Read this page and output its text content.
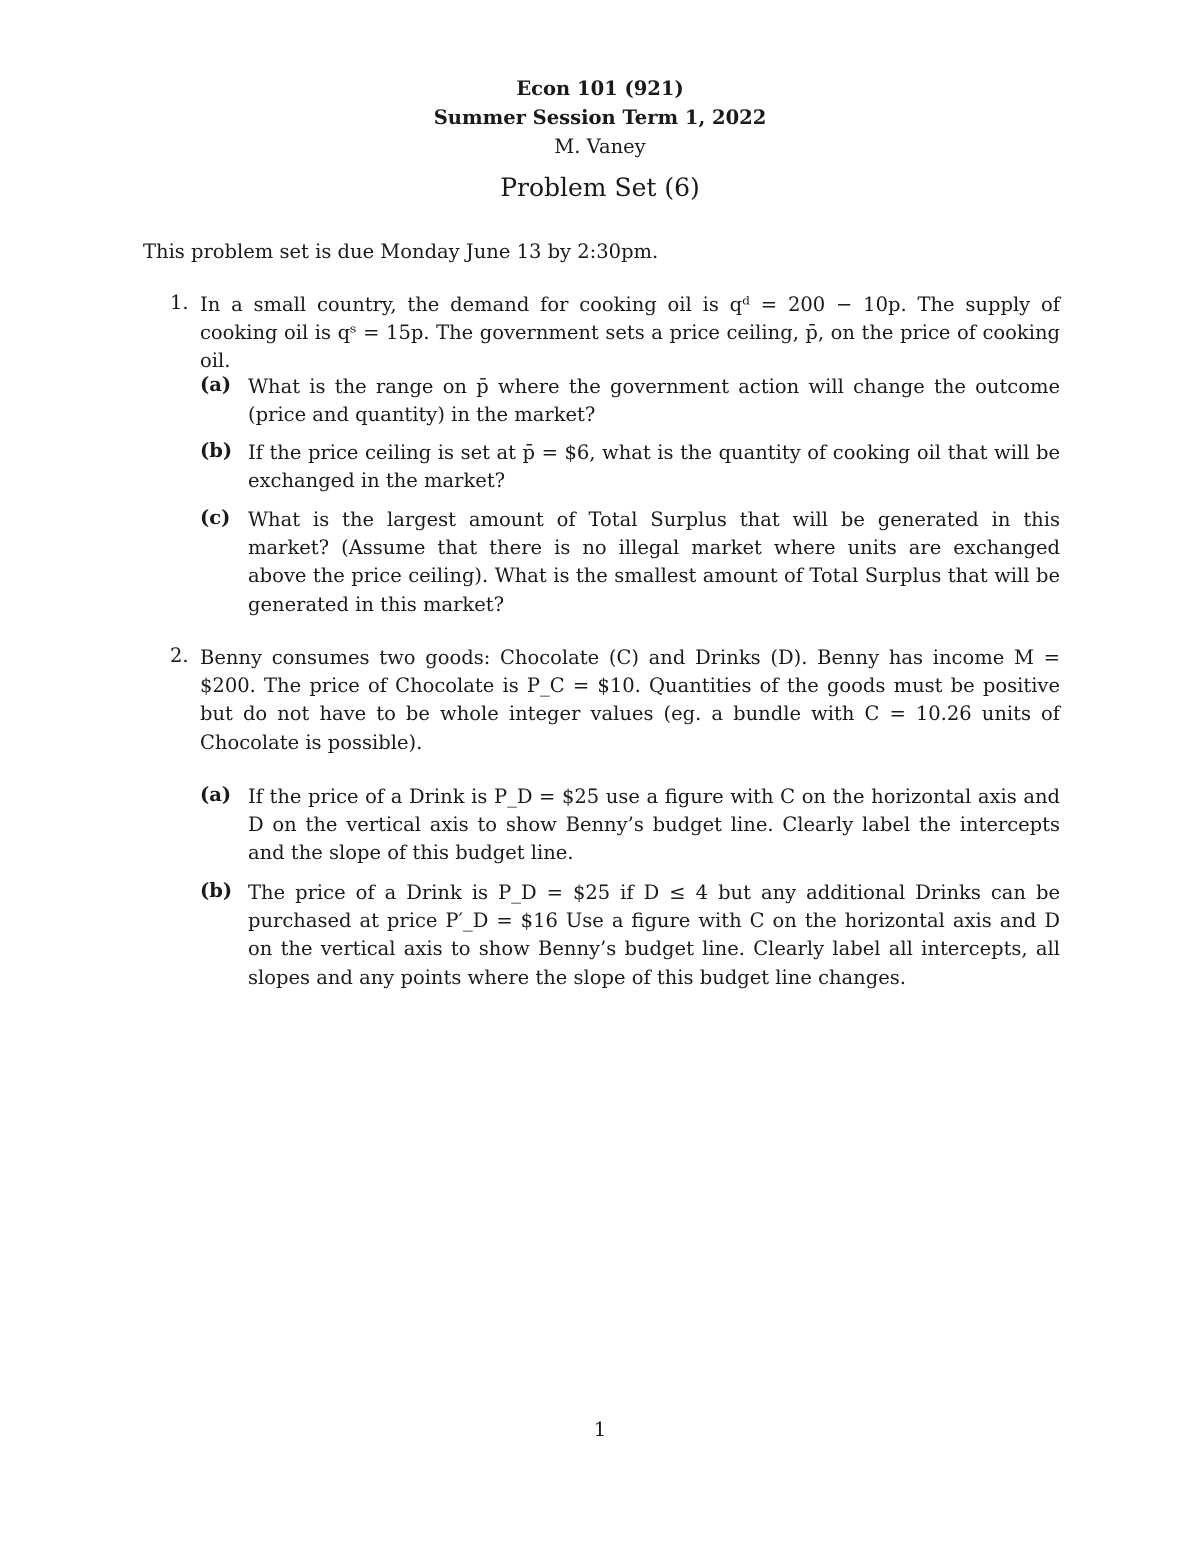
Econ 101 (921)
Summer Session Term 1, 2022
M. Vaney
Problem Set (6)
This problem set is due Monday June 13 by 2:30pm.
1. In a small country, the demand for cooking oil is qᵈ = 200 − 10p. The supply of cooking oil is qˢ = 15p. The government sets a price ceiling, p̄, on the price of cooking oil.
(a) What is the range on p̄ where the government action will change the outcome (price and quantity) in the market?
(b) If the price ceiling is set at p̄ = $6, what is the quantity of cooking oil that will be exchanged in the market?
(c) What is the largest amount of Total Surplus that will be generated in this market? (Assume that there is no illegal market where units are exchanged above the price ceiling). What is the smallest amount of Total Surplus that will be generated in this market?
2. Benny consumes two goods: Chocolate (C) and Drinks (D). Benny has income M = $200. The price of Chocolate is P_C = $10. Quantities of the goods must be positive but do not have to be whole integer values (eg. a bundle with C = 10.26 units of Chocolate is possible).
(a) If the price of a Drink is P_D = $25 use a figure with C on the horizontal axis and D on the vertical axis to show Benny’s budget line. Clearly label the intercepts and the slope of this budget line.
(b) The price of a Drink is P_D = $25 if D ≤ 4 but any additional Drinks can be purchased at price P′_D = $16 Use a figure with C on the horizontal axis and D on the vertical axis to show Benny’s budget line. Clearly label all intercepts, all slopes and any points where the slope of this budget line changes.
1
